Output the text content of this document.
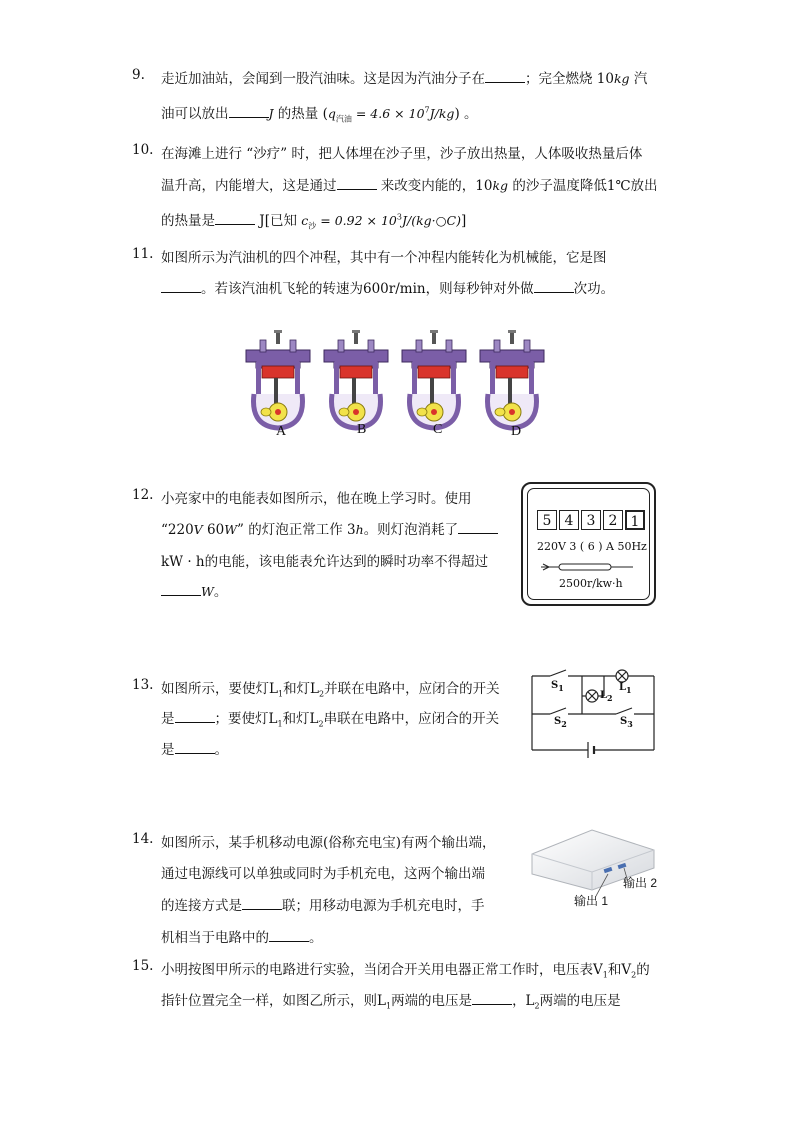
9. 走近加油站，会闻到一股汽油味。这是因为汽油分子在	；完全燃烧 10kg 汽
油可以放出	J 的热量 $(q_{汽油} = 4.6 \times 10^7J/kg)$ 。
10. 在海滩上进行 “沙疗” 时，把人体埋在沙子里，沙子放出热量，人体吸收热量后体
温升高，内能增大，这是通过	来改变内能的，10kg 的沙子温度降低1℃放出
的热量是	J[已知 $c_沙 = 0.92$ × $10^3J/(kg\cdot○C)$]
11. 如图所示为汽油机的四个冲程，其中有一个冲程内能转化为机械能，它是图
。若该汽油机飞轮的转速为600r/min，则每秒钟对外做	次功。
A	B	C	D
12. 小亮家中的电能表如图所示，他在晚上学习时。使用
“220V 60W” 的灯泡正常工作 3h。则灯泡消耗了
kW · h的电能，该电能表允许达到的瞬时功率不得超过
W。
5 4 3 2 1
220V 3 ( 6 ) A 50Hz
2500r/kw·h
13. 如图所示，要使灯$L_1$和灯$L_2$并联在电路中，应闭合的开关
是	；要使灯$L_1$和灯$L_2$串联在电路中，应闭合的开关
是	。
$S_1$	$L_1$
$L_2$
$S_2$	$S_3$
14. 如图所示，某手机移动电源(俗称充电宝)有两个输出端，
通过电源线可以单独或同时为手机充电，这两个输出端
的连接方式是	联；用移动电源为手机充电时，手
机相当于电路中的	。
输出 2
输出 1
15. 小明按图甲所示的电路进行实验，当闭合开关用电器正常工作时，电压表$V_1$和$V_2$的
指针位置完全一样，如图乙所示，则$L_1$两端的电压是	，$L_2$两端的电压是
